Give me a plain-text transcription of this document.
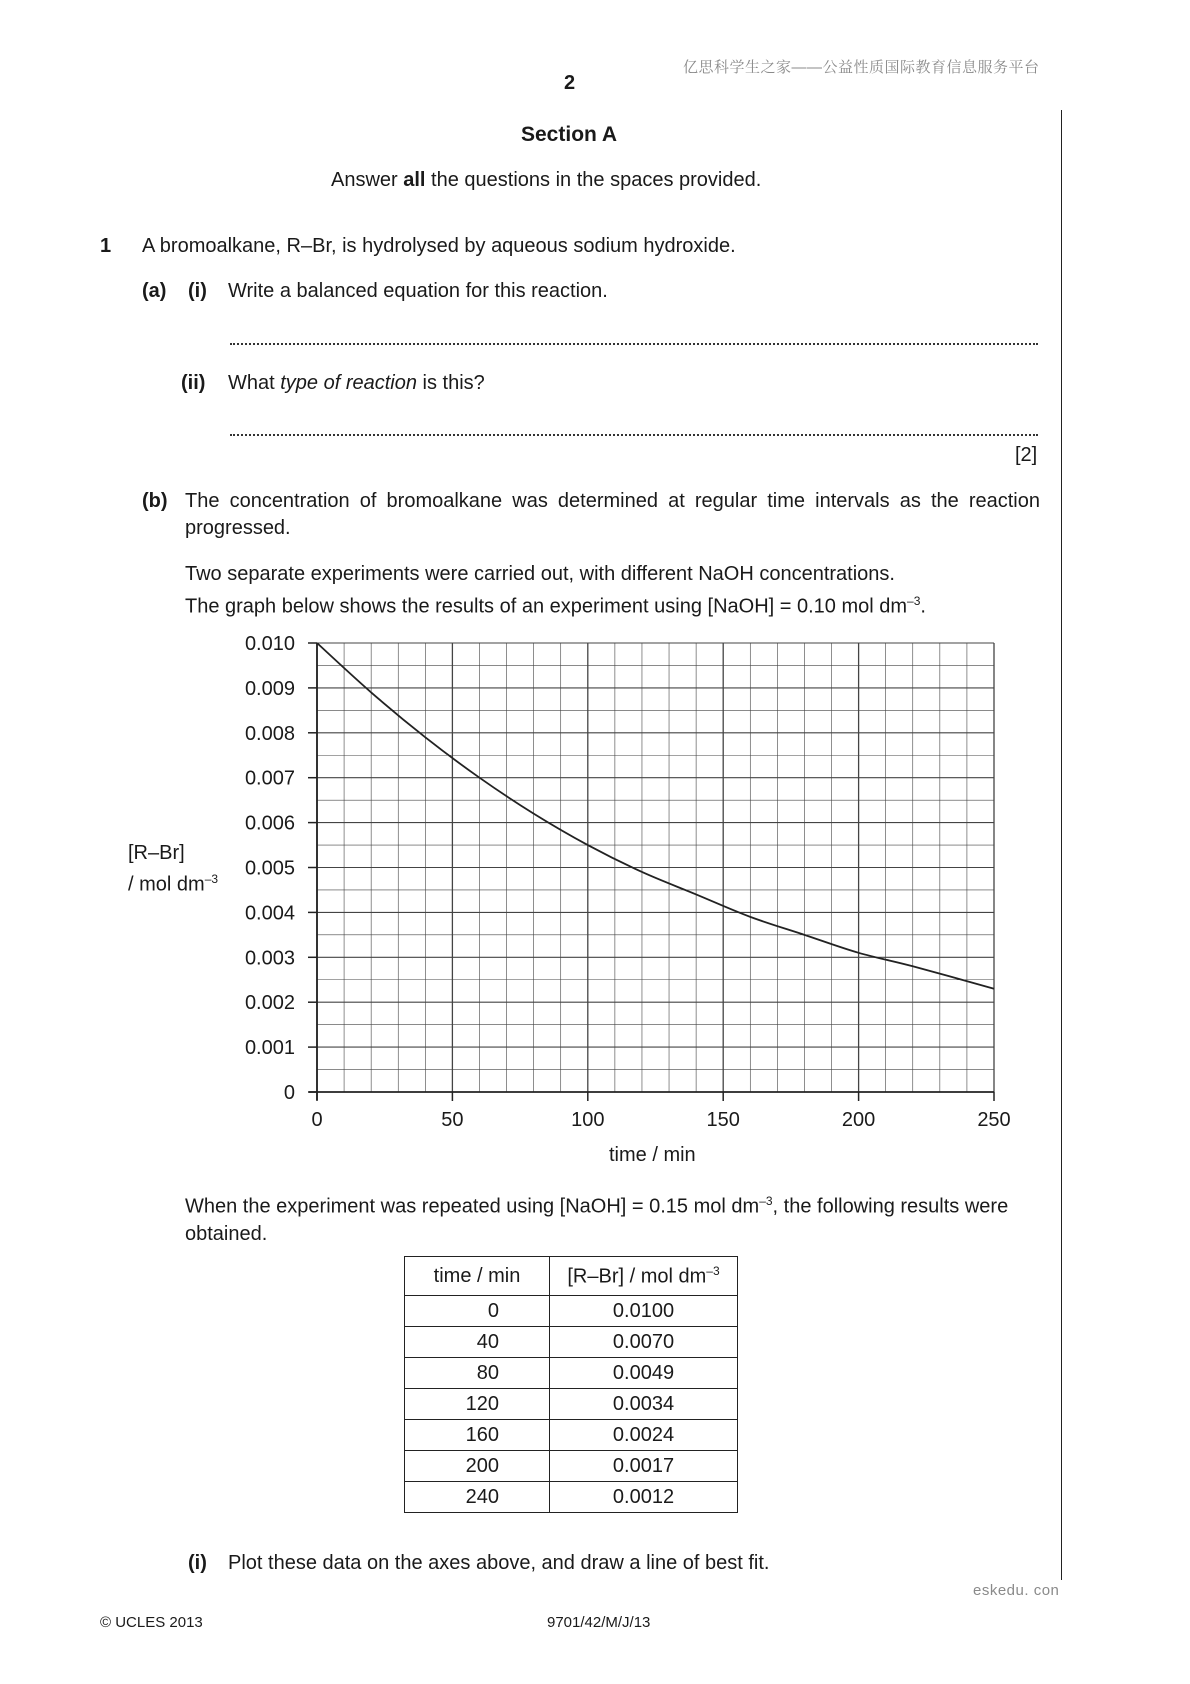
亿思科学生之家——公益性质国际教育信息服务平台
2
Section A
Answer all the questions in the spaces provided.
1 A bromoalkane, R–Br, is hydrolysed by aqueous sodium hydroxide.
(a) (i) Write a balanced equation for this reaction.
(ii) What type of reaction is this?
[2]
(b) The concentration of bromoalkane was determined at regular time intervals as the reaction progressed.
Two separate experiments were carried out, with different NaOH concentrations.
The graph below shows the results of an experiment using [NaOH] = 0.10 mol $dm^{-3}$.
0	50	100	150	200	250
0
0.001
0.002
0.003
0.004
0.005
0.006
0.007
0.008
0.009
0.010
[R–Br]
/ mol $dm^{-3}$
time / min
When the experiment was repeated using [NaOH] = 0.15 mol $dm^{-3}$, the following results were obtained.
time / min	[R–Br] / mol $dm^{-3}$
0	0.0100
40	0.0070
80	0.0049
120	0.0034
160	0.0024
200	0.0017
240	0.0012
(i) Plot these data on the axes above, and draw a line of best fit.
eskedu. con
© UCLES 2013	9701/42/M/J/13
